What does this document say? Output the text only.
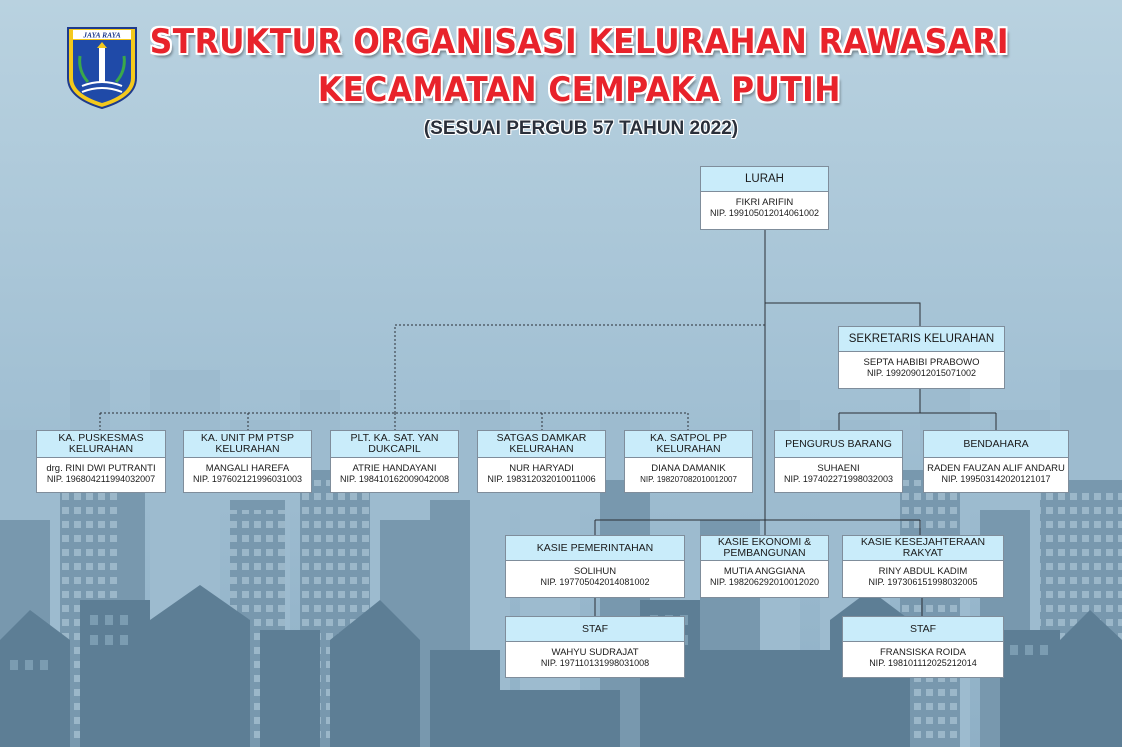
JAYA RAYA STRUKTUR ORGANISASI KELURAHAN RAWASARI
KECAMATAN CEMPAKA PUTIH
(SESUAI PERGUB 57 TAHUN 2022)
LURAH
FIKRI ARIFIN
NIP. 199105012014061002
SEKRETARIS KELURAHAN
SEPTA HABIBI PRABOWO
NIP. 199209012015071002
KA. PUSKESMAS
KELURAHAN
drg. RINI DWI PUTRANTI
NIP. 196804211994032007
KA. UNIT PM PTSP
KELURAHAN
MANGALI HAREFA
NIP. 197602121996031003
PLT. KA. SAT. YAN
DUKCAPIL
ATRIE HANDAYANI
NIP. 198410162009042008
SATGAS DAMKAR
KELURAHAN
NUR HARYADI
NIP. 198312032010011006
KA. SATPOL PP
KELURAHAN
DIANA DAMANIK
NIP. 198207082010012007
PENGURUS BARANG
SUHAENI
NIP. 197402271998032003
BENDAHARA
RADEN FAUZAN ALIF ANDARU
NIP. 199503142020121017
KASIE PEMERINTAHAN
SOLIHUN
NIP. 197705042014081002
KASIE EKONOMI &
PEMBANGUNAN
MUTIA ANGGIANA
NIP. 198206292010012020
KASIE KESEJAHTERAAN
RAKYAT
RINY ABDUL KADIM
NIP. 197306151998032005
STAF
WAHYU SUDRAJAT
NIP. 197110131998031008
STAF
FRANSISKA ROIDA
NIP. 198101112025212014
